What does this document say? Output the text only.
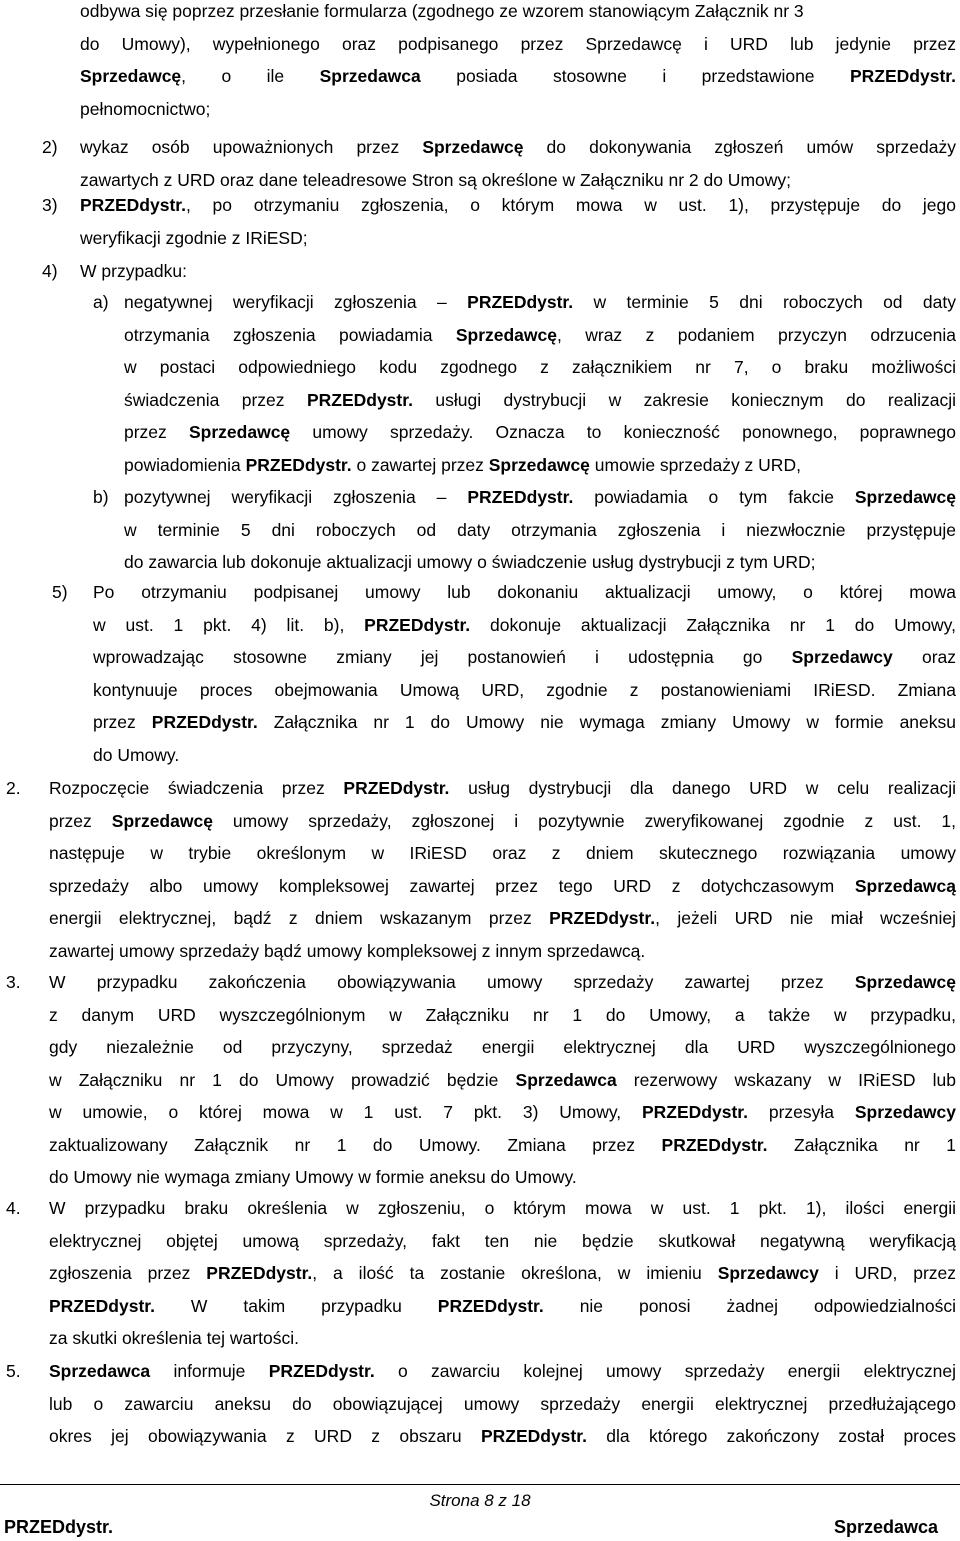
Strona 8 z 18
PRZEDdystr.	Sprzedawca
odbywa się poprzez przesłanie formularza (zgodnego ze wzorem stanowiącym Załącznik nr 3
do Umowy), wypełnionego oraz podpisanego przez Sprzedawcę i URD lub jedynie przez
Sprzedawcę, o ile Sprzedawca posiada stosowne i przedstawione PRZEDdystr.
pełnomocnictwo;
2) wykaz osób upoważnionych przez Sprzedawcę do dokonywania zgłoszeń umów sprzedaży
zawartych z URD oraz dane teleadresowe Stron są określone w Załączniku nr 2 do Umowy;
3) PRZEDdystr., po otrzymaniu zgłoszenia, o którym mowa w ust. 1), przystępuje do jego
weryfikacji zgodnie z IRiESD;
4) W przypadku:
a) negatywnej weryfikacji zgłoszenia – PRZEDdystr. w terminie 5 dni roboczych od daty
otrzymania zgłoszenia powiadamia Sprzedawcę, wraz z podaniem przyczyn odrzucenia
w postaci odpowiedniego kodu zgodnego z załącznikiem nr 7, o braku możliwości
świadczenia przez PRZEDdystr. usługi dystrybucji w zakresie koniecznym do realizacji
przez Sprzedawcę umowy sprzedaży. Oznacza to konieczność ponownego, poprawnego
powiadomienia PRZEDdystr. o zawartej przez Sprzedawcę umowie sprzedaży z URD,
b) pozytywnej weryfikacji zgłoszenia – PRZEDdystr. powiadamia o tym fakcie Sprzedawcę
w terminie 5 dni roboczych od daty otrzymania zgłoszenia i niezwłocznie przystępuje
do zawarcia lub dokonuje aktualizacji umowy o świadczenie usług dystrybucji z tym URD;
5) Po otrzymaniu podpisanej umowy lub dokonaniu aktualizacji umowy, o której mowa
w ust. 1 pkt. 4) lit. b), PRZEDdystr. dokonuje aktualizacji Załącznika nr 1 do Umowy,
wprowadzając stosowne zmiany jej postanowień i udostępnia go Sprzedawcy oraz
kontynuuje proces obejmowania Umową URD, zgodnie z postanowieniami IRiESD. Zmiana
przez PRZEDdystr. Załącznika nr 1 do Umowy nie wymaga zmiany Umowy w formie aneksu
do Umowy.
2. Rozpoczęcie świadczenia przez PRZEDdystr. usług dystrybucji dla danego URD w celu realizacji
przez Sprzedawcę umowy sprzedaży, zgłoszonej i pozytywnie zweryfikowanej zgodnie z ust. 1,
następuje w trybie określonym w IRiESD oraz z dniem skutecznego rozwiązania umowy
sprzedaży albo umowy kompleksowej zawartej przez tego URD z dotychczasowym Sprzedawcą
energii elektrycznej, bądź z dniem wskazanym przez PRZEDdystr., jeżeli URD nie miał wcześniej
zawartej umowy sprzedaży bądź umowy kompleksowej z innym sprzedawcą.
3. W przypadku zakończenia obowiązywania umowy sprzedaży zawartej przez Sprzedawcę
z danym URD wyszczególnionym w Załączniku nr 1 do Umowy, a także w przypadku,
gdy niezależnie od przyczyny, sprzedaż energii elektrycznej dla URD wyszczególnionego
w Załączniku nr 1 do Umowy prowadzić będzie Sprzedawca rezerwowy wskazany w IRiESD lub
w umowie, o której mowa w 1 ust. 7 pkt. 3) Umowy, PRZEDdystr. przesyła Sprzedawcy
zaktualizowany Załącznik nr 1 do Umowy. Zmiana przez PRZEDdystr. Załącznika nr 1
do Umowy nie wymaga zmiany Umowy w formie aneksu do Umowy.
4. W przypadku braku określenia w zgłoszeniu, o którym mowa w ust. 1 pkt. 1), ilości energii
elektrycznej objętej umową sprzedaży, fakt ten nie będzie skutkował negatywną weryfikacją
zgłoszenia przez PRZEDdystr., a ilość ta zostanie określona, w imieniu Sprzedawcy i URD, przez
PRZEDdystr. W takim przypadku PRZEDdystr. nie ponosi żadnej odpowiedzialności
za skutki określenia tej wartości.
5. Sprzedawca informuje PRZEDdystr. o zawarciu kolejnej umowy sprzedaży energii elektrycznej
lub o zawarciu aneksu do obowiązującej umowy sprzedaży energii elektrycznej przedłużającego
okres jej obowiązywania z URD z obszaru PRZEDdystr. dla którego zakończony został proces
